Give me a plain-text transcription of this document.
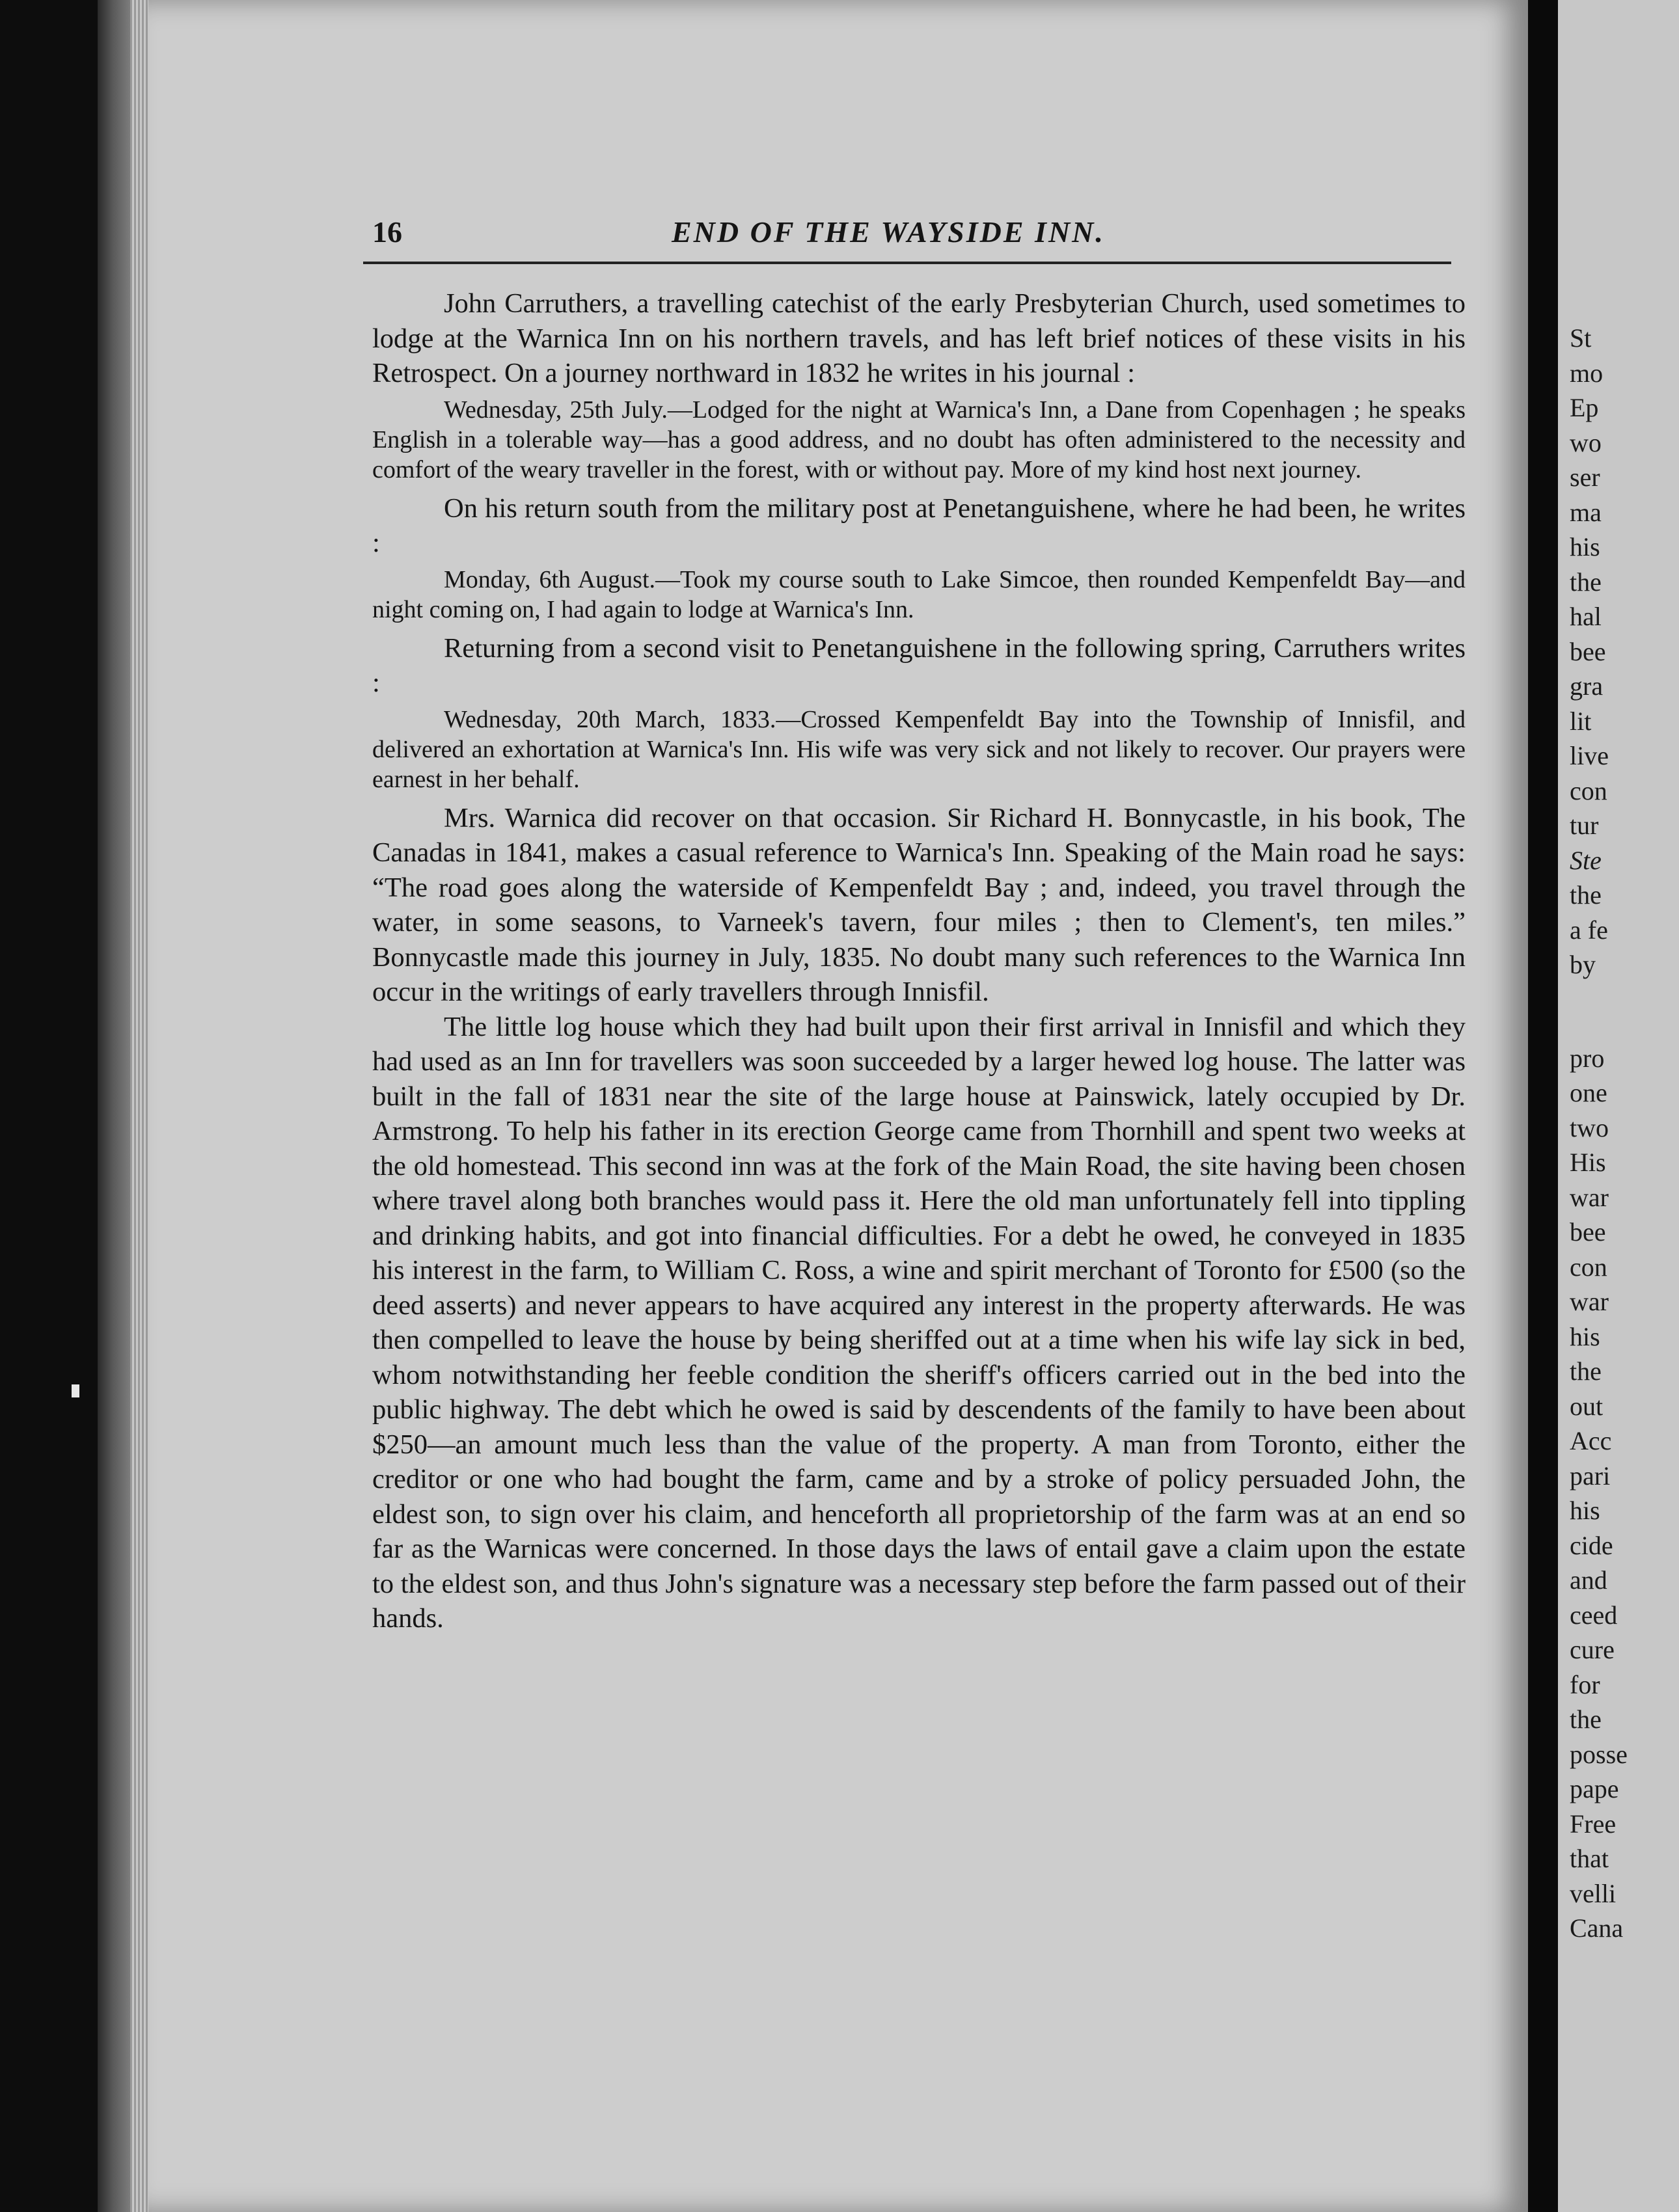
16	END OF THE WAYSIDE INN.

John Carruthers, a travelling catechist of the early Presbyterian Church, used sometimes to lodge at the Warnica Inn on his northern travels, and has left brief notices of these visits in his Retrospect. On a journey northward in 1832 he writes in his journal :

Wednesday, 25th July.—Lodged for the night at Warnica's Inn, a Dane from Copenhagen ; he speaks English in a tolerable way—has a good address, and no doubt has often administered to the necessity and comfort of the weary traveller in the forest, with or without pay. More of my kind host next journey.

On his return south from the military post at Penetanguishene, where he had been, he writes :

Monday, 6th August.—Took my course south to Lake Simcoe, then rounded Kempenfeldt Bay—and night coming on, I had again to lodge at Warnica's Inn.

Returning from a second visit to Penetanguishene in the following spring, Carruthers writes :

Wednesday, 20th March, 1833.—Crossed Kempenfeldt Bay into the Township of Innisfil, and delivered an exhortation at Warnica's Inn. His wife was very sick and not likely to recover. Our prayers were earnest in her behalf.

Mrs. Warnica did recover on that occasion. Sir Richard H. Bonnycastle, in his book, The Canadas in 1841, makes a casual reference to Warnica's Inn. Speaking of the Main road he says: “The road goes along the waterside of Kempenfeldt Bay ; and, indeed, you travel through the water, in some seasons, to Varneek's tavern, four miles ; then to Clement's, ten miles.” Bonnycastle made this journey in July, 1835. No doubt many such references to the Warnica Inn occur in the writings of early travellers through Innisfil.

The little log house which they had built upon their first arrival in Innisfil and which they had used as an Inn for travellers was soon succeeded by a larger hewed log house. The latter was built in the fall of 1831 near the site of the large house at Painswick, lately occupied by Dr. Armstrong. To help his father in its erection George came from Thornhill and spent two weeks at the old homestead. This second inn was at the fork of the Main Road, the site having been chosen where travel along both branches would pass it. Here the old man unfortunately fell into tippling and drinking habits, and got into financial difficulties. For a debt he owed, he conveyed in 1835 his interest in the farm, to William C. Ross, a wine and spirit merchant of Toronto for £500 (so the deed asserts) and never appears to have acquired any interest in the property afterwards. He was then compelled to leave the house by being sheriffed out at a time when his wife lay sick in bed, whom notwithstanding her feeble condition the sheriff's officers carried out in the bed into the public highway. The debt which he owed is said by descendents of the family to have been about $250—an amount much less than the value of the property. A man from Toronto, either the creditor or one who had bought the farm, came and by a stroke of policy persuaded John, the eldest son, to sign over his claim, and henceforth all proprietorship of the farm was at an end so far as the Warnicas were concerned. In those days the laws of entail gave a claim upon the estate to the eldest son, and thus John's signature was a necessary step before the farm passed out of their hands.

St
mo
Ep
wo
ser
ma
his
the
hal
bee
gra
lit
live
con
tur
Ste
the
a fe
by
pro
one
two
His
war
bee
con
war
his
the
out
Acc
pari
his
cide
and
ceed
cure
for
the
posse
pape
Free
that
velli
Cana
